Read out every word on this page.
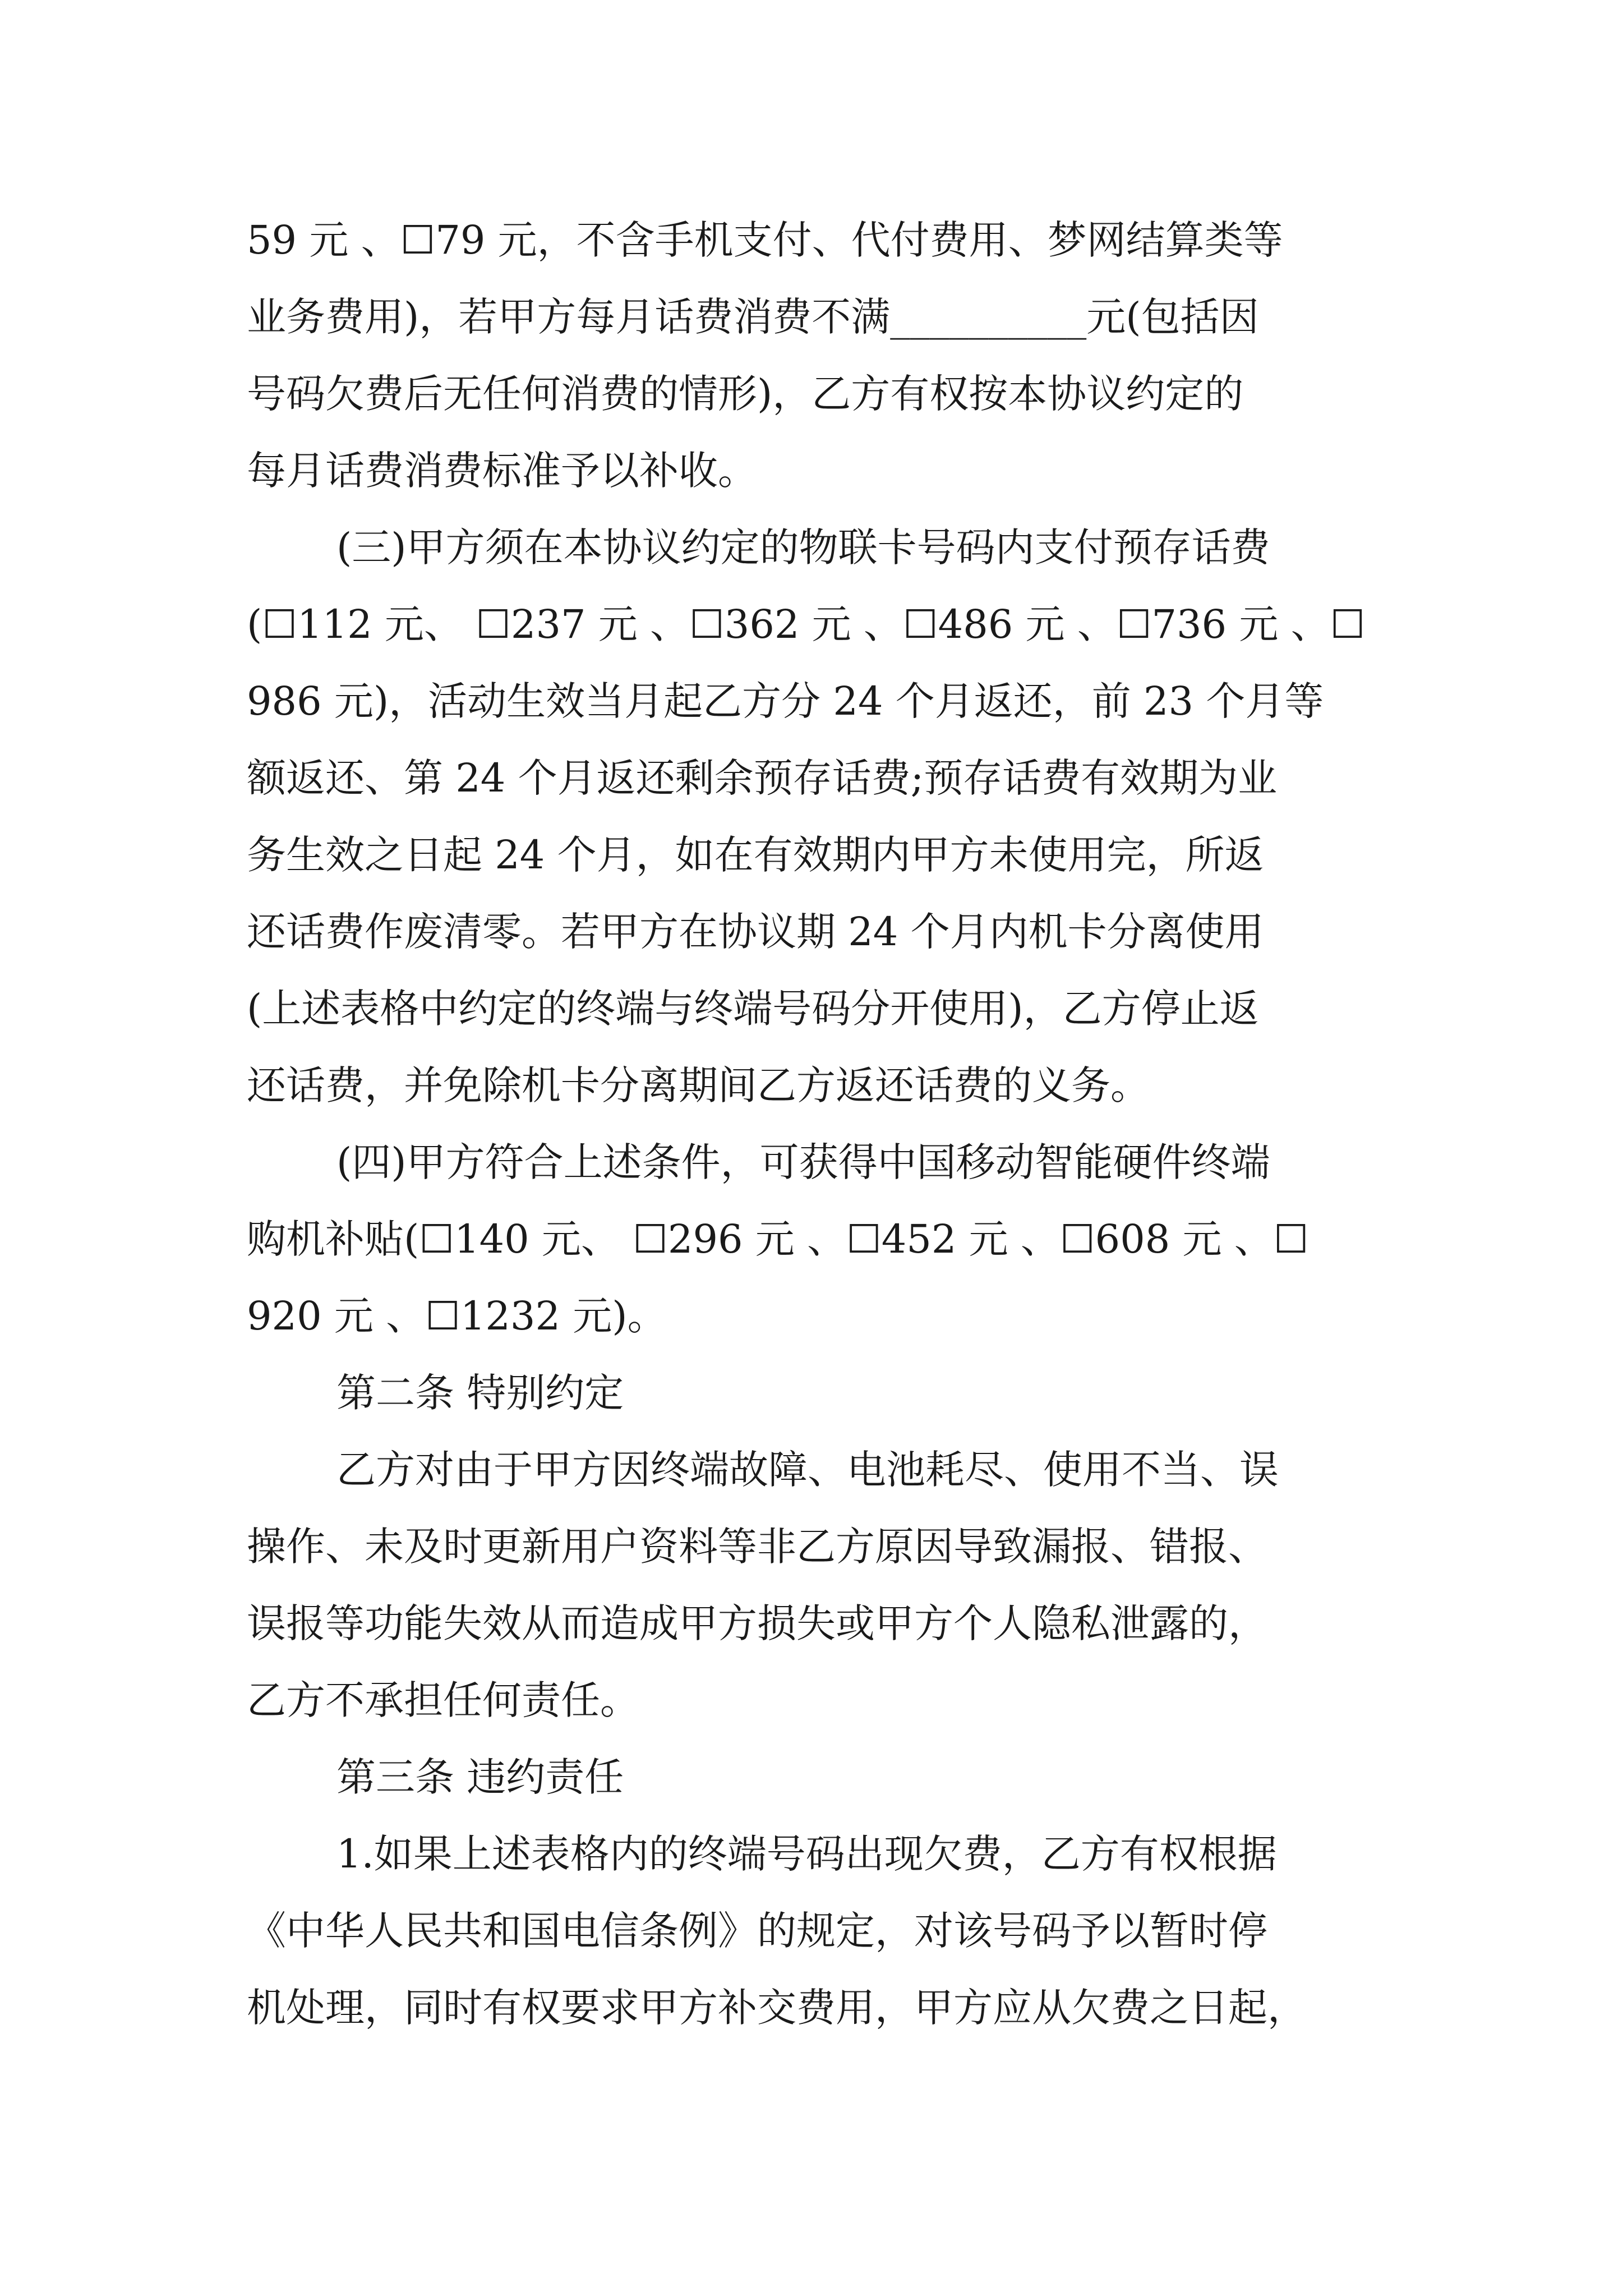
59 元 、☐79 元，不含手机支付、代付费用、梦网结算类等
业务费用)，若甲方每月话费消费不满__________元(包括因
号码欠费后无任何消费的情形)，乙方有权按本协议约定的
每月话费消费标准予以补收。
(三)甲方须在本协议约定的物联卡号码内支付预存话费
(☐112 元、 ☐237 元 、☐362 元 、☐486 元 、☐736 元 、☐
986 元)，活动生效当月起乙方分 24 个月返还，前 23 个月等
额返还、第 24 个月返还剩余预存话费;预存话费有效期为业
务生效之日起 24 个月，如在有效期内甲方未使用完，所返
还话费作废清零。若甲方在协议期 24 个月内机卡分离使用
(上述表格中约定的终端与终端号码分开使用)，乙方停止返
还话费，并免除机卡分离期间乙方返还话费的义务。
(四)甲方符合上述条件，可获得中国移动智能硬件终端
购机补贴(☐140 元、 ☐296 元 、☐452 元 、☐608 元 、☐
920 元 、☐1232 元)。
第二条 特别约定
乙方对由于甲方因终端故障、电池耗尽、使用不当、误
操作、未及时更新用户资料等非乙方原因导致漏报、错报、
误报等功能失效从而造成甲方损失或甲方个人隐私泄露的，
乙方不承担任何责任。
第三条 违约责任
1.如果上述表格内的终端号码出现欠费，乙方有权根据
《中华人民共和国电信条例》的规定，对该号码予以暂时停
机处理，同时有权要求甲方补交费用，甲方应从欠费之日起，
